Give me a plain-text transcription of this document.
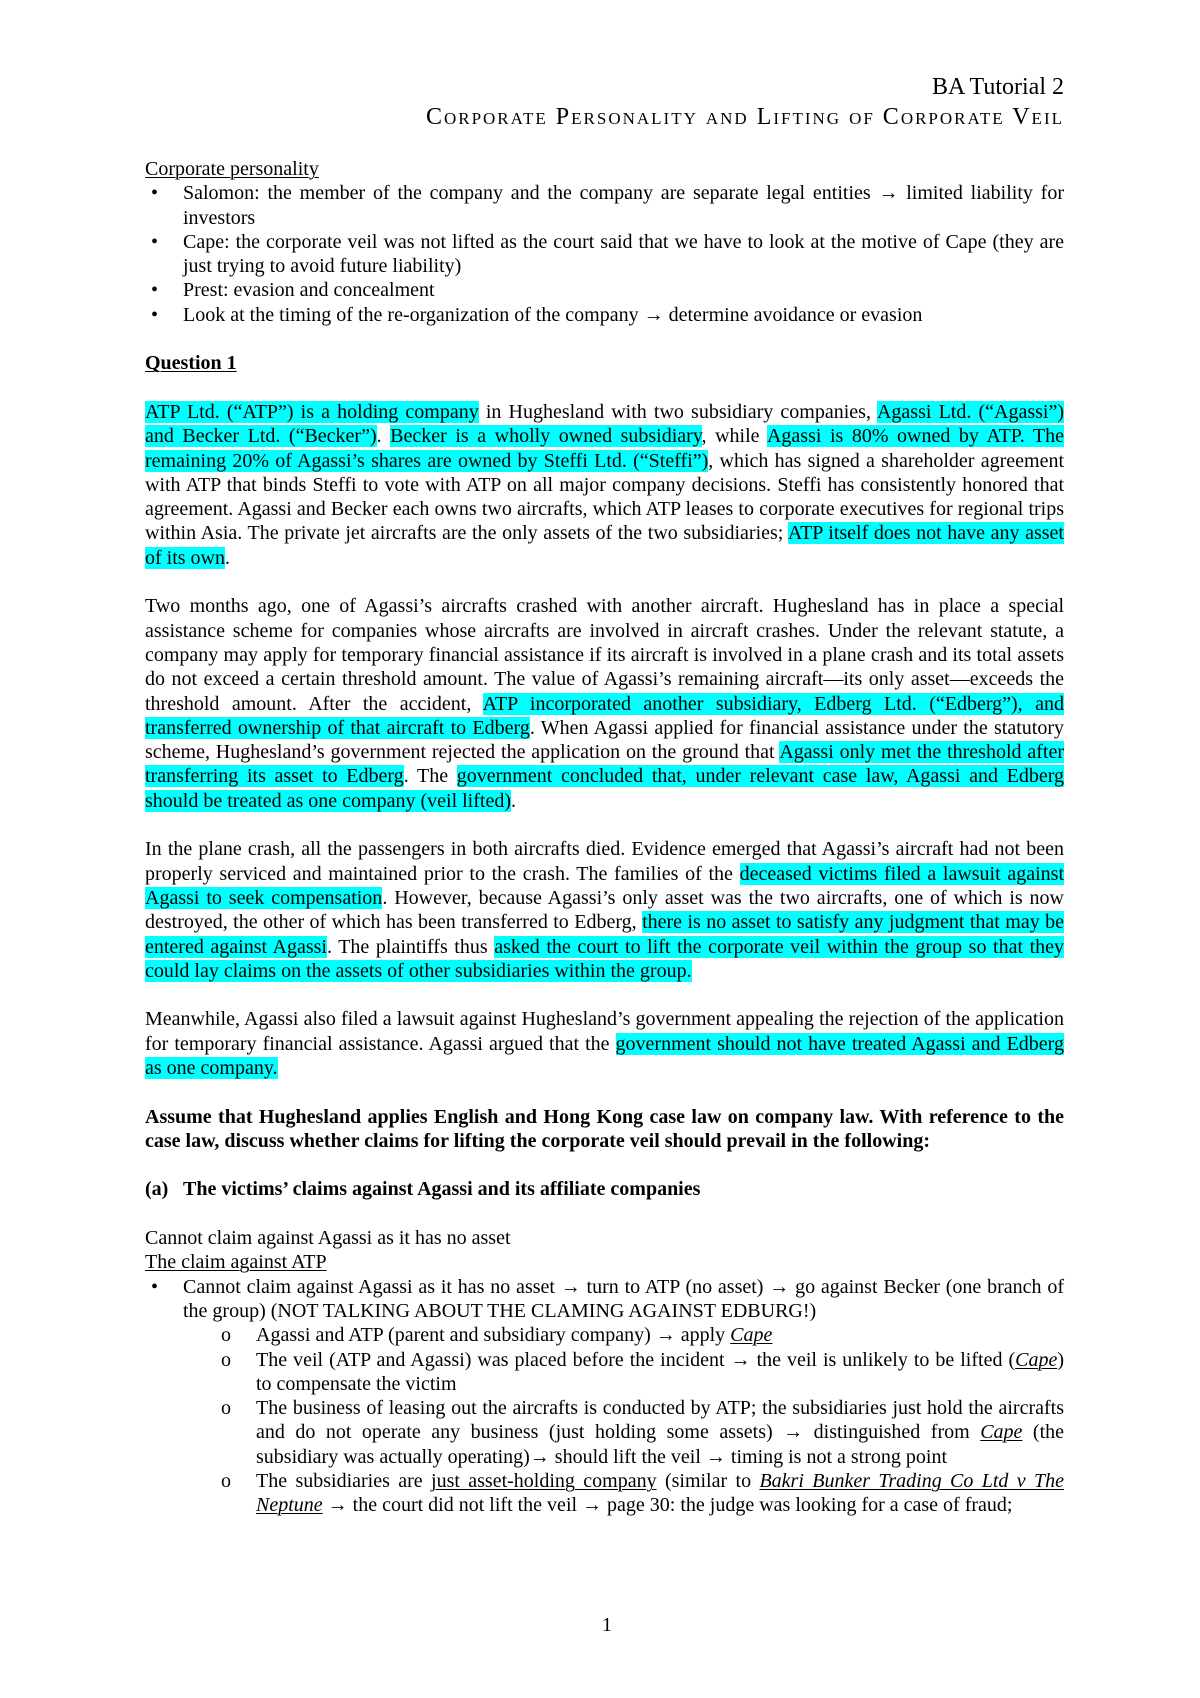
BA Tutorial 2

Corporate Personality and Lifting of Corporate Veil

Corporate personality

• Salomon: the member of the company and the company are separate legal entities → limited liability for investors
• Cape: the corporate veil was not lifted as the court said that we have to look at the motive of Cape (they are just trying to avoid future liability)
• Prest: evasion and concealment
• Look at the timing of the re-organization of the company → determine avoidance or evasion

Question 1

ATP Ltd. (“ATP”) is a holding company in Hughesland with two subsidiary companies, Agassi Ltd. (“Agassi”) and Becker Ltd. (“Becker”). Becker is a wholly owned subsidiary, while Agassi is 80% owned by ATP. The remaining 20% of Agassi’s shares are owned by Steffi Ltd. (“Steffi”), which has signed a shareholder agreement with ATP that binds Steffi to vote with ATP on all major company decisions. Steffi has consistently honored that agreement. Agassi and Becker each owns two aircrafts, which ATP leases to corporate executives for regional trips within Asia. The private jet aircrafts are the only assets of the two subsidiaries; ATP itself does not have any asset of its own.

Two months ago, one of Agassi’s aircrafts crashed with another aircraft. Hughesland has in place a special assistance scheme for companies whose aircrafts are involved in aircraft crashes. Under the relevant statute, a company may apply for temporary financial assistance if its aircraft is involved in a plane crash and its total assets do not exceed a certain threshold amount. The value of Agassi’s remaining aircraft—its only asset—exceeds the threshold amount. After the accident, ATP incorporated another subsidiary, Edberg Ltd. (“Edberg”), and transferred ownership of that aircraft to Edberg. When Agassi applied for financial assistance under the statutory scheme, Hughesland’s government rejected the application on the ground that Agassi only met the threshold after transferring its asset to Edberg. The government concluded that, under relevant case law, Agassi and Edberg should be treated as one company (veil lifted).

In the plane crash, all the passengers in both aircrafts died. Evidence emerged that Agassi’s aircraft had not been properly serviced and maintained prior to the crash. The families of the deceased victims filed a lawsuit against Agassi to seek compensation. However, because Agassi’s only asset was the two aircrafts, one of which is now destroyed, the other of which has been transferred to Edberg, there is no asset to satisfy any judgment that may be entered against Agassi. The plaintiffs thus asked the court to lift the corporate veil within the group so that they could lay claims on the assets of other subsidiaries within the group.

Meanwhile, Agassi also filed a lawsuit against Hughesland’s government appealing the rejection of the application for temporary financial assistance. Agassi argued that the government should not have treated Agassi and Edberg as one company.

Assume that Hughesland applies English and Hong Kong case law on company law. With reference to the case law, discuss whether claims for lifting the corporate veil should prevail in the following:

(a) The victims’ claims against Agassi and its affiliate companies

Cannot claim against Agassi as it has no asset

The claim against ATP

• Cannot claim against Agassi as it has no asset → turn to ATP (no asset) → go against Becker (one branch of the group) (NOT TALKING ABOUT THE CLAMING AGAINST EDBURG!)
o Agassi and ATP (parent and subsidiary company) → apply Cape
o The veil (ATP and Agassi) was placed before the incident → the veil is unlikely to be lifted (Cape) to compensate the victim
o The business of leasing out the aircrafts is conducted by ATP; the subsidiaries just hold the aircrafts and do not operate any business (just holding some assets) → distinguished from Cape (the subsidiary was actually operating)→ should lift the veil → timing is not a strong point
o The subsidiaries are just asset-holding company (similar to Bakri Bunker Trading Co Ltd v The Neptune → the court did not lift the veil → page 30: the judge was looking for a case of fraud;
1
